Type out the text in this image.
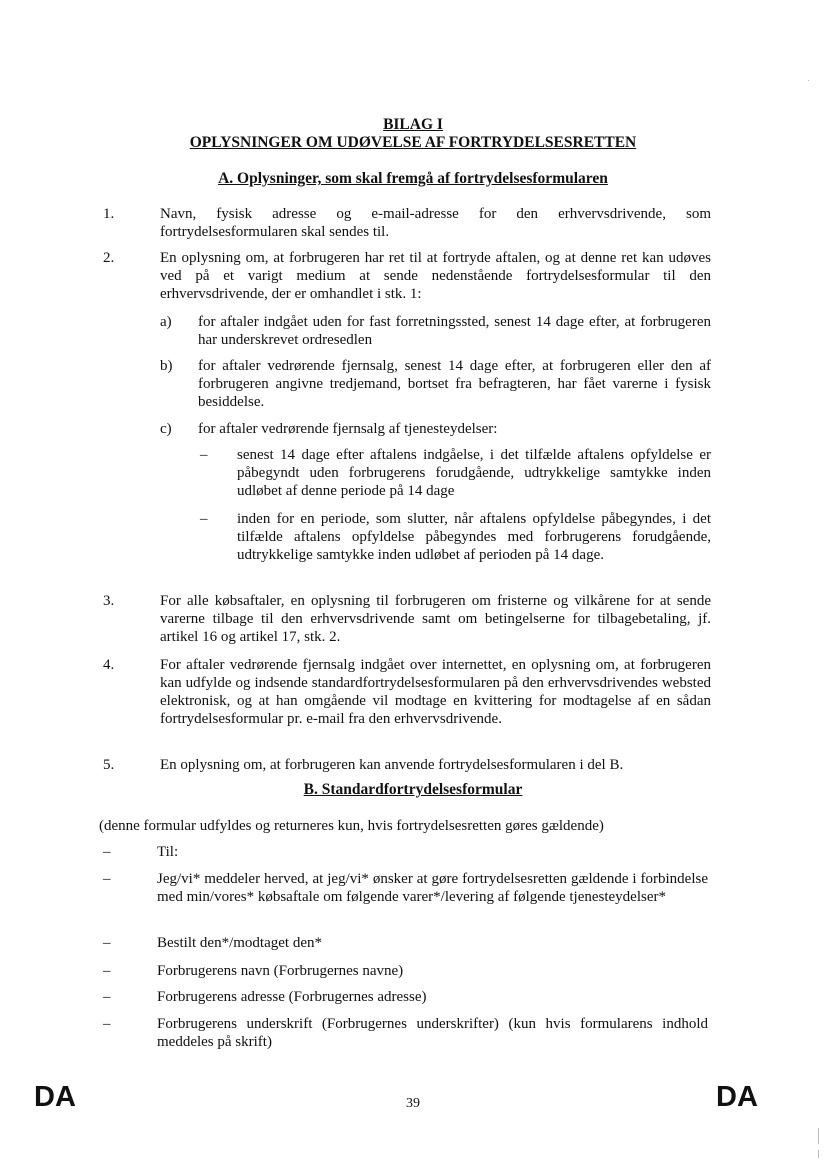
BILAG I
OPLYSNINGER OM UDØVELSE AF FORTRYDELSESRETTEN
A. Oplysninger, som skal fremgå af fortrydelsesformularen
1.	Navn, fysisk adresse og e-mail-adresse for den erhvervsdrivende, som fortrydelsesformularen skal sendes til.
2.	En oplysning om, at forbrugeren har ret til at fortryde aftalen, og at denne ret kan udøves ved på et varigt medium at sende nedenstående fortrydelsesformular til den erhvervsdrivende, der er omhandlet i stk. 1:
a) for aftaler indgået uden for fast forretningssted, senest 14 dage efter, at forbrugeren har underskrevet ordresedlen
b) for aftaler vedrørende fjernsalg, senest 14 dage efter, at forbrugeren eller den af forbrugeren angivne tredjemand, bortset fra befragteren, har fået varerne i fysisk besiddelse.
c) for aftaler vedrørende fjernsalg af tjenesteydelser:
– senest 14 dage efter aftalens indgåelse, i det tilfælde aftalens opfyldelse er påbegyndt uden forbrugerens forudgående, udtrykkelige samtykke inden udløbet af denne periode på 14 dage
– inden for en periode, som slutter, når aftalens opfyldelse påbegyndes, i det tilfælde aftalens opfyldelse påbegyndes med forbrugerens forudgående, udtrykkelige samtykke inden udløbet af perioden på 14 dage.
3.	For alle købsaftaler, en oplysning til forbrugeren om fristerne og vilkårene for at sende varerne tilbage til den erhvervsdrivende samt om betingelserne for tilbagebetaling, jf. artikel 16 og artikel 17, stk. 2.
4.	For aftaler vedrørende fjernsalg indgået over internettet, en oplysning om, at forbrugeren kan udfylde og indsende standardfortrydelsesformularen på den erhvervsdrivendes websted elektronisk, og at han omgående vil modtage en kvittering for modtagelse af en sådan fortrydelsesformular pr. e-mail fra den erhvervsdrivende.
5.	En oplysning om, at forbrugeren kan anvende fortrydelsesformularen i del B.
B. Standardfortrydelsesformular
(denne formular udfyldes og returneres kun, hvis fortrydelsesretten gøres gældende)
–	Til:
–	Jeg/vi* meddeler herved, at jeg/vi* ønsker at gøre fortrydelsesretten gældende i forbindelse med min/vores* købsaftale om følgende varer*/levering af følgende tjenesteydelser*
–	Bestilt den*/modtaget den*
–	Forbrugerens navn (Forbrugernes navne)
–	Forbrugerens adresse (Forbrugernes adresse)
–	Forbrugerens underskrift (Forbrugernes underskrifter) (kun hvis formularens indhold meddeles på skrift)
DA	39	DA
